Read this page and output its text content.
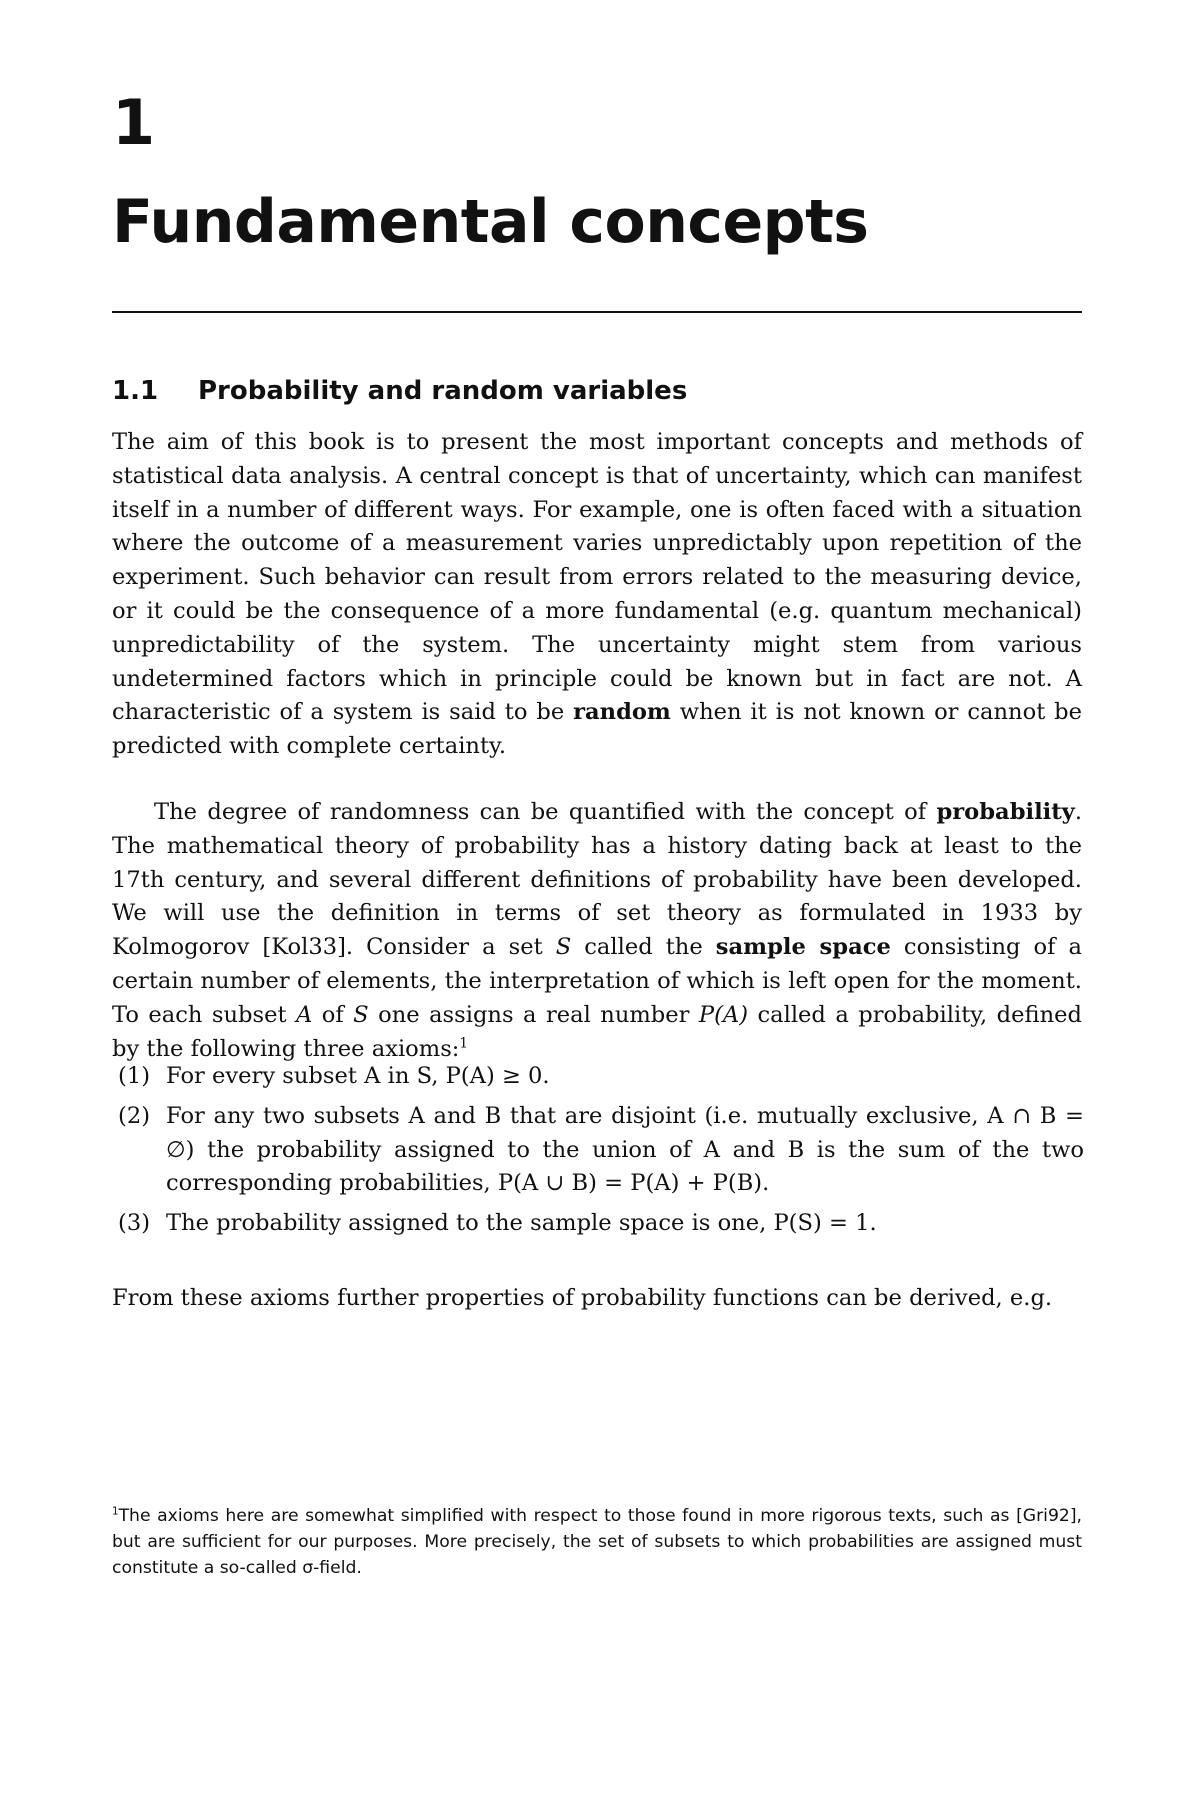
1
Fundamental concepts
1.1 Probability and random variables

The aim of this book is to present the most important concepts and methods of statistical data analysis. A central concept is that of uncertainty, which can manifest itself in a number of different ways. For example, one is often faced with a situation where the outcome of a measurement varies unpredictably upon repetition of the experiment. Such behavior can result from errors related to the measuring device, or it could be the consequence of a more fundamental (e.g. quantum mechanical) unpredictability of the system. The uncertainty might stem from various undetermined factors which in principle could be known but in fact are not. A characteristic of a system is said to be random when it is not known or cannot be predicted with complete certainty.

The degree of randomness can be quantified with the concept of probability. The mathematical theory of probability has a history dating back at least to the 17th century, and several different definitions of probability have been developed. We will use the definition in terms of set theory as formulated in 1933 by Kolmogorov [Kol33]. Consider a set S called the sample space consisting of a certain number of elements, the interpretation of which is left open for the moment. To each subset A of S one assigns a real number P(A) called a probability, defined by the following three axioms:$^1$

(1) For every subset A in S, P(A) ≥ 0.
(2) For any two subsets A and B that are disjoint (i.e. mutually exclusive, A ∩ B = ∅) the probability assigned to the union of A and B is the sum of the two corresponding probabilities, P(A ∪ B) = P(A) + P(B).
(3) The probability assigned to the sample space is one, P(S) = 1.

From these axioms further properties of probability functions can be derived, e.g.

$^1$The axioms here are somewhat simplified with respect to those found in more rigorous texts, such as [Gri92], but are sufficient for our purposes. More precisely, the set of subsets to which probabilities are assigned must constitute a so-called σ-field.
